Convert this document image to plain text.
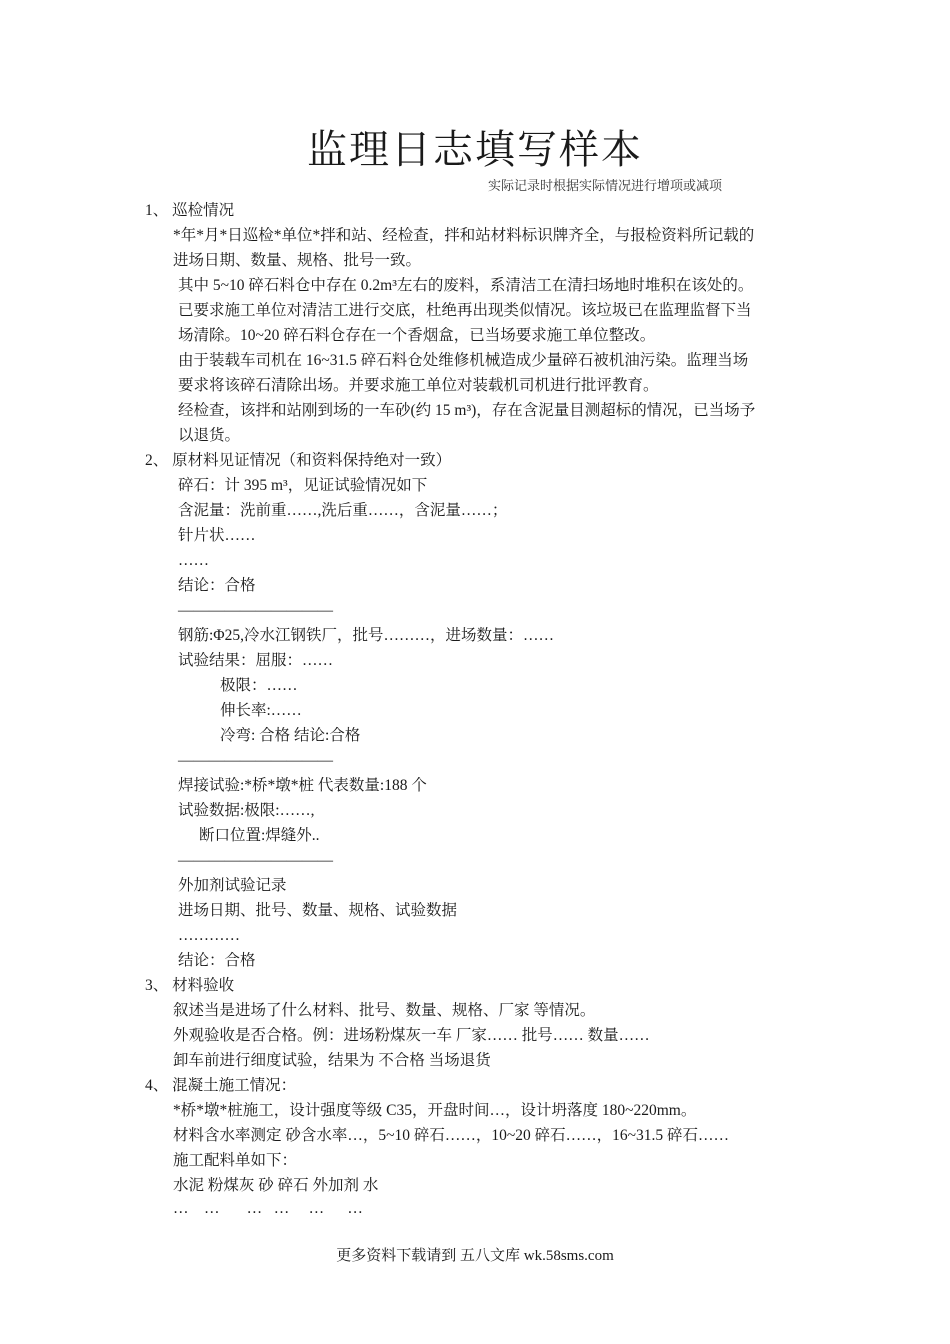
监理日志填写样本
实际记录时根据实际情况进行增项或减项
1、 巡检情况
*年*月*日巡检*单位*拌和站、经检查，拌和站材料标识牌齐全，与报检资料所记载的
进场日期、数量、规格、批号一致。
其中 5~10 碎石料仓中存在 0.2m³左右的废料，系清洁工在清扫场地时堆积在该处的。
已要求施工单位对清洁工进行交底，杜绝再出现类似情况。该垃圾已在监理监督下当
场清除。10~20 碎石料仓存在一个香烟盒，已当场要求施工单位整改。
由于装载车司机在 16~31.5 碎石料仓处维修机械造成少量碎石被机油污染。监理当场
要求将该碎石清除出场。并要求施工单位对装载机司机进行批评教育。
经检查，该拌和站刚到场的一车砂(约 15 m³)，存在含泥量目测超标的情况，已当场予
以退货。
2、 原材料见证情况（和资料保持绝对一致）
碎石：计 395 m³，见证试验情况如下
含泥量：洗前重……,洗后重……，含泥量……；
针片状……
……
结论：合格
——————————
钢筋:Φ25,冷水江钢铁厂，批号………，进场数量：……
试验结果：屈服：……
极限：……
伸长率:……
冷弯: 合格 结论:合格
——————————
焊接试验:*桥*墩*桩 代表数量:188 个
试验数据:极限:……,
断口位置:焊缝外..
——————————
外加剂试验记录
进场日期、批号、数量、规格、试验数据
…………
结论：合格
3、 材料验收
叙述当是进场了什么材料、批号、数量、规格、厂家 等情况。
外观验收是否合格。例：进场粉煤灰一车 厂家…… 批号…… 数量……
卸车前进行细度试验，结果为 不合格 当场退货
4、 混凝土施工情况：
*桥*墩*桩施工，设计强度等级 C35，开盘时间…，设计坍落度 180~220mm。
材料含水率测定 砂含水率…，5~10 碎石……，10~20 碎石……，16~31.5 碎石……
施工配料单如下：
水泥 粉煤灰 砂 碎石 外加剂 水
…    …       …   …     …      …
更多资料下载请到 五八文库 wk.58sms.com
